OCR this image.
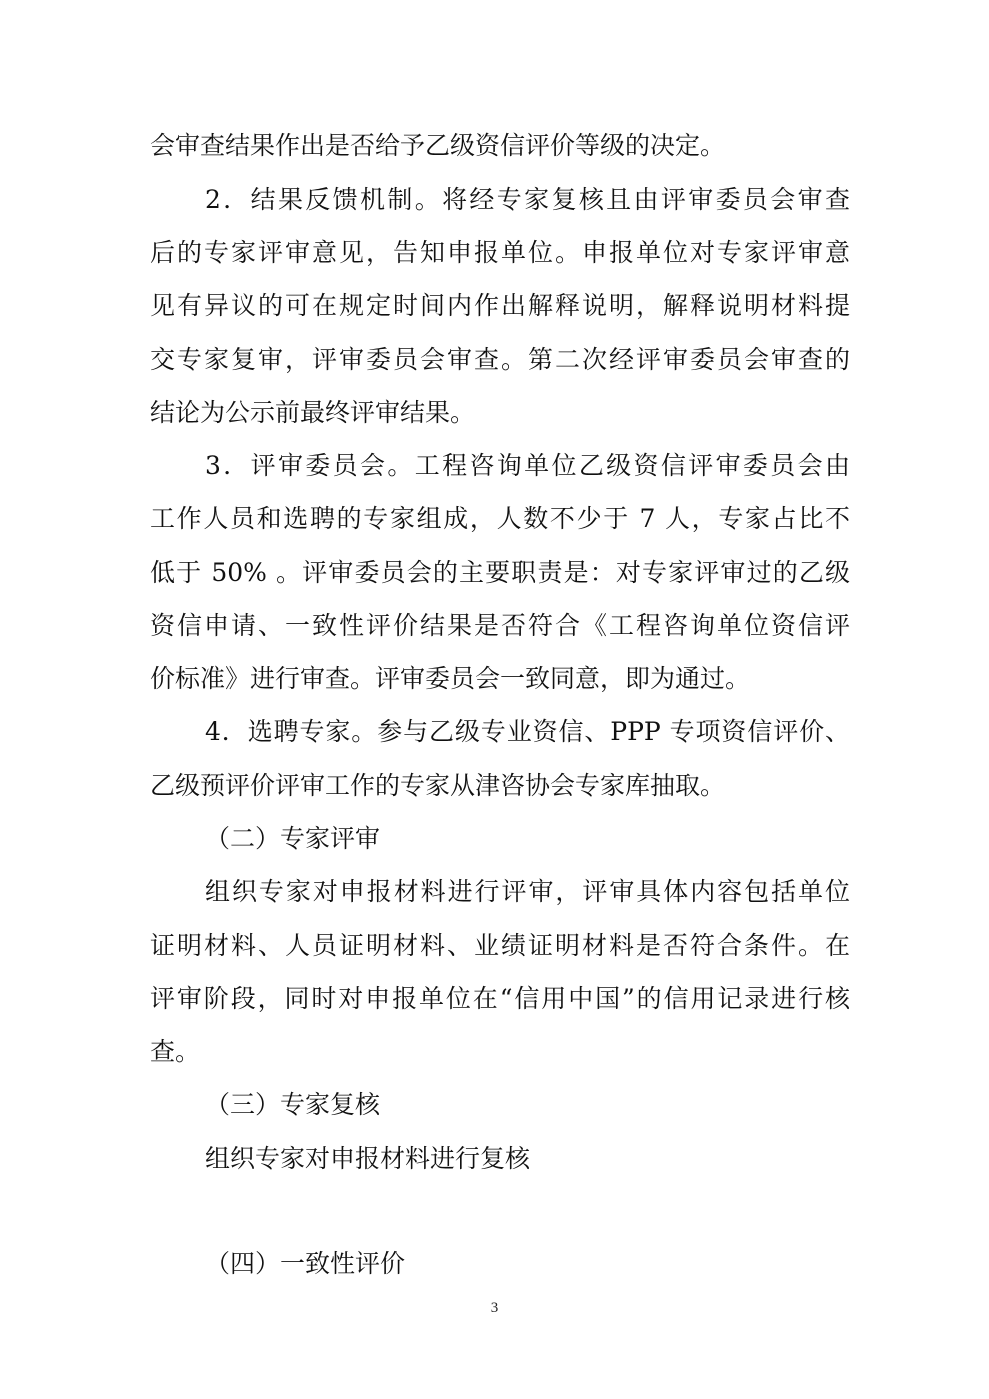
会审查结果作出是否给予乙级资信评价等级的决定。
2．结果反馈机制。将经专家复核且由评审委员会审查
后的专家评审意见，告知申报单位。申报单位对专家评审意
见有异议的可在规定时间内作出解释说明，解释说明材料提
交专家复审，评审委员会审查。第二次经评审委员会审查的
结论为公示前最终评审结果。
3．评审委员会。工程咨询单位乙级资信评审委员会由
工作人员和选聘的专家组成，人数不少于 7 人，专家占比不
低于 50% 。评审委员会的主要职责是：对专家评审过的乙级
资信申请、一致性评价结果是否符合《工程咨询单位资信评
价标准》进行审查。评审委员会一致同意，即为通过。
4．选聘专家。参与乙级专业资信、PPP 专项资信评价、
乙级预评价评审工作的专家从津咨协会专家库抽取。
（二）专家评审
组织专家对申报材料进行评审，评审具体内容包括单位
证明材料、人员证明材料、业绩证明材料是否符合条件。在
评审阶段，同时对申报单位在“信用中国”的信用记录进行核
查。
（三）专家复核
组织专家对申报材料进行复核
（四）一致性评价
3
